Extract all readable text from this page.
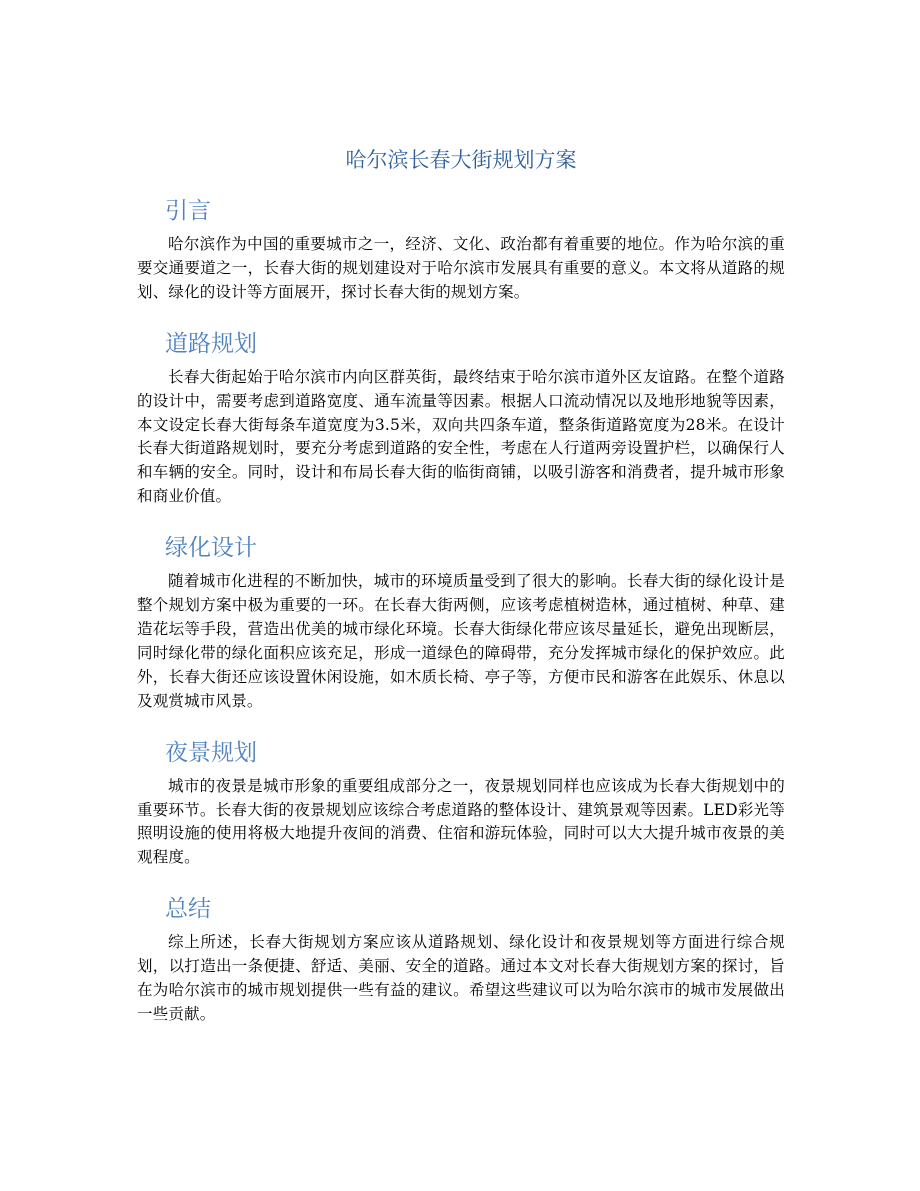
哈尔滨长春大街规划方案
引言

哈尔滨作为中国的重要城市之一，经济、文化、政治都有着重要的地位。作为哈尔滨的重要交通要道之一，长春大街的规划建设对于哈尔滨市发展具有重要的意义。本文将从道路的规划、绿化的设计等方面展开，探讨长春大街的规划方案。

道路规划

长春大街起始于哈尔滨市内向区群英街，最终结束于哈尔滨市道外区友谊路。在整个道路的设计中，需要考虑到道路宽度、通车流量等因素。根据人口流动情况以及地形地貌等因素，本文设定长春大街每条车道宽度为3.5米，双向共四条车道，整条街道路宽度为28米。在设计长春大街道路规划时，要充分考虑到道路的安全性，考虑在人行道两旁设置护栏，以确保行人和车辆的安全。同时，设计和布局长春大街的临街商铺，以吸引游客和消费者，提升城市形象和商业价值。

绿化设计

随着城市化进程的不断加快，城市的环境质量受到了很大的影响。长春大街的绿化设计是整个规划方案中极为重要的一环。在长春大街两侧，应该考虑植树造林，通过植树、种草、建造花坛等手段，营造出优美的城市绿化环境。长春大街绿化带应该尽量延长，避免出现断层，同时绿化带的绿化面积应该充足，形成一道绿色的障碍带，充分发挥城市绿化的保护效应。此外，长春大街还应该设置休闲设施，如木质长椅、亭子等，方便市民和游客在此娱乐、休息以及观赏城市风景。

夜景规划

城市的夜景是城市形象的重要组成部分之一，夜景规划同样也应该成为长春大街规划中的重要环节。长春大街的夜景规划应该综合考虑道路的整体设计、建筑景观等因素。LED彩光等照明设施的使用将极大地提升夜间的消费、住宿和游玩体验，同时可以大大提升城市夜景的美观程度。

总结

综上所述，长春大街规划方案应该从道路规划、绿化设计和夜景规划等方面进行综合规划，以打造出一条便捷、舒适、美丽、安全的道路。通过本文对长春大街规划方案的探讨，旨在为哈尔滨市的城市规划提供一些有益的建议。希望这些建议可以为哈尔滨市的城市发展做出一些贡献。
